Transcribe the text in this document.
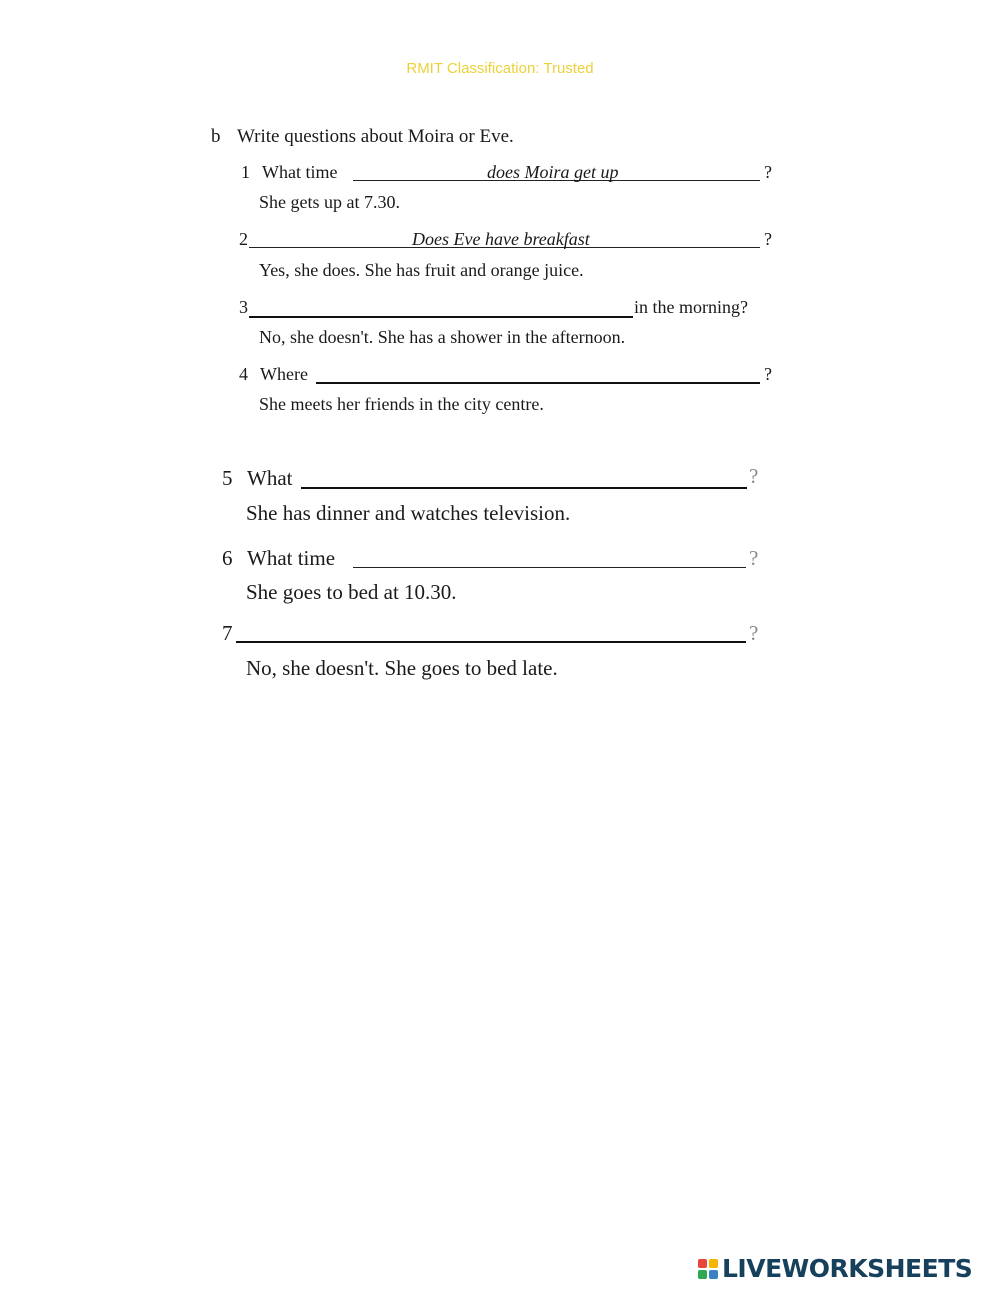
RMIT Classification: Trusted
b Write questions about Moira or Eve.
1 What time	does Moira get up	?
She gets up at 7.30.
2	Does Eve have breakfast	?
Yes, she does. She has fruit and orange juice.
3	in the morning?
No, she doesn't. She has a shower in the afternoon.
4 Where	?
She meets her friends in the city centre.
5 What	?
She has dinner and watches television.
6 What time	?
She goes to bed at 10.30.
7	?
No, she doesn't. She goes to bed late.
LIVEWORKSHEETS
